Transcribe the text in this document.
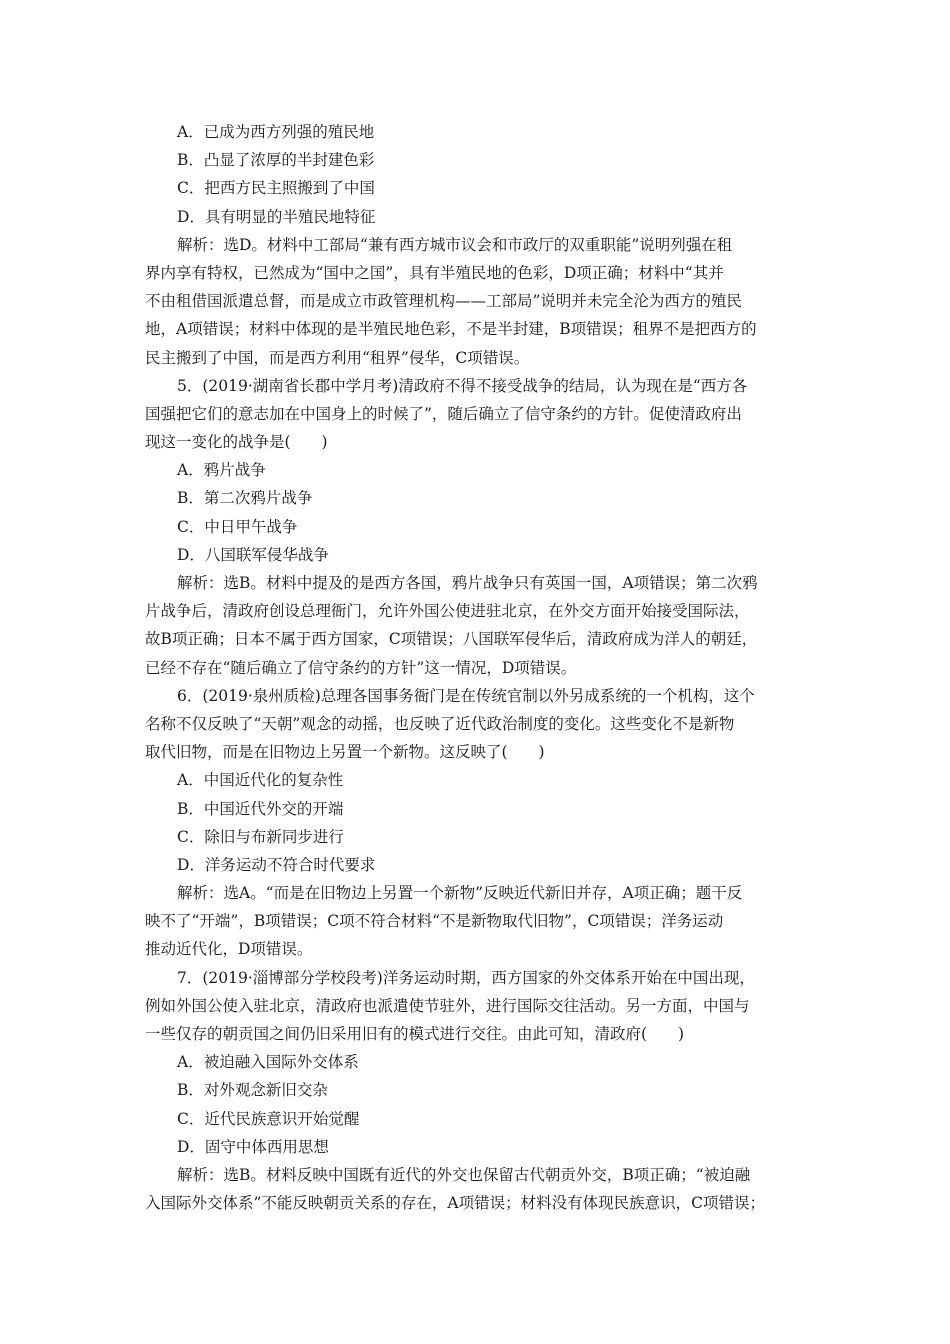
A．已成为西方列强的殖民地
B．凸显了浓厚的半封建色彩
C．把西方民主照搬到了中国
D．具有明显的半殖民地特征
解析：选D。材料中工部局“兼有西方城市议会和市政厅的双重职能”说明列强在租
界内享有特权，已然成为“国中之国”，具有半殖民地的色彩，D项正确；材料中“其并
不由租借国派遣总督，而是成立市政管理机构——工部局”说明并未完全沦为西方的殖民
地，A项错误；材料中体现的是半殖民地色彩，不是半封建，B项错误；租界不是把西方的
民主搬到了中国，而是西方利用“租界”侵华，C项错误。
5．(2019·湖南省长郡中学月考)清政府不得不接受战争的结局，认为现在是“西方各
国强把它们的意志加在中国身上的时候了”，随后确立了信守条约的方针。促使清政府出
现这一变化的战争是(　　)
A．鸦片战争
B．第二次鸦片战争
C．中日甲午战争
D．八国联军侵华战争
解析：选B。材料中提及的是西方各国，鸦片战争只有英国一国，A项错误；第二次鸦
片战争后，清政府创设总理衙门，允许外国公使进驻北京，在外交方面开始接受国际法，
故B项正确；日本不属于西方国家，C项错误；八国联军侵华后，清政府成为洋人的朝廷，
已经不存在“随后确立了信守条约的方针”这一情况，D项错误。
6．(2019·泉州质检)总理各国事务衙门是在传统官制以外另成系统的一个机构，这个
名称不仅反映了“天朝”观念的动摇，也反映了近代政治制度的变化。这些变化不是新物
取代旧物，而是在旧物边上另置一个新物。这反映了(　　)
A．中国近代化的复杂性
B．中国近代外交的开端
C．除旧与布新同步进行
D．洋务运动不符合时代要求
解析：选A。“而是在旧物边上另置一个新物”反映近代新旧并存，A项正确；题干反
映不了“开端”，B项错误；C项不符合材料“不是新物取代旧物”，C项错误；洋务运动
推动近代化，D项错误。
7．(2019·淄博部分学校段考)洋务运动时期，西方国家的外交体系开始在中国出现，
例如外国公使入驻北京，清政府也派遣使节驻外，进行国际交往活动。另一方面，中国与
一些仅存的朝贡国之间仍旧采用旧有的模式进行交往。由此可知，清政府(　　)
A．被迫融入国际外交体系
B．对外观念新旧交杂
C．近代民族意识开始觉醒
D．固守中体西用思想
解析：选B。材料反映中国既有近代的外交也保留古代朝贡外交，B项正确；“被迫融
入国际外交体系”不能反映朝贡关系的存在，A项错误；材料没有体现民族意识，C项错误；
